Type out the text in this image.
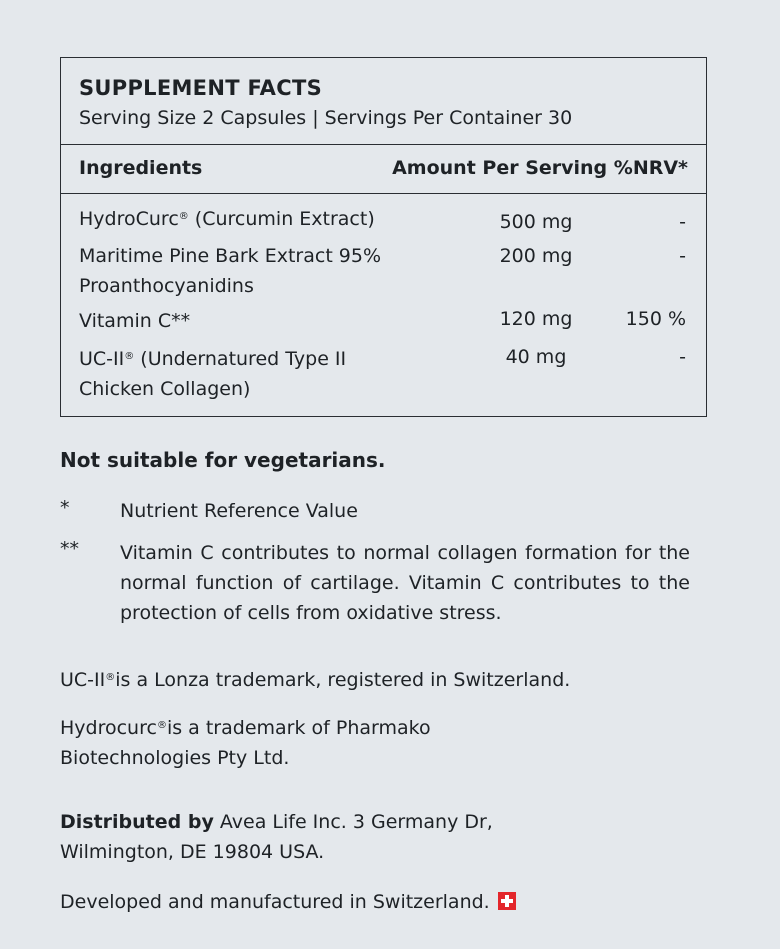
SUPPLEMENT FACTS
Serving Size 2 Capsules | Servings Per Container 30
Ingredients	Amount Per Serving %NRV*
HydroCurc® (Curcumin Extract)	500 mg	-
Maritime Pine Bark Extract 95%
Proanthocyanidins
200 mg	-
Vitamin C**	120 mg	150 %
UC-II® (Undernatured Type II
Chicken Collagen)
40 mg	-
Not suitable for vegetarians.
*	Nutrient Reference Value
** Vitamin C contributes to normal collagen formation for the normal function of cartilage. Vitamin C contributes to the protection of cells from oxidative stress.
UC-II®is a Lonza trademark, registered in Switzerland.
Hydrocurc®is a trademark of Pharmako
Biotechnologies Pty Ltd.
Distributed by Avea Life Inc. 3 Germany Dr,
Wilmington, DE 19804 USA.
Developed and manufactured in Switzerland.
